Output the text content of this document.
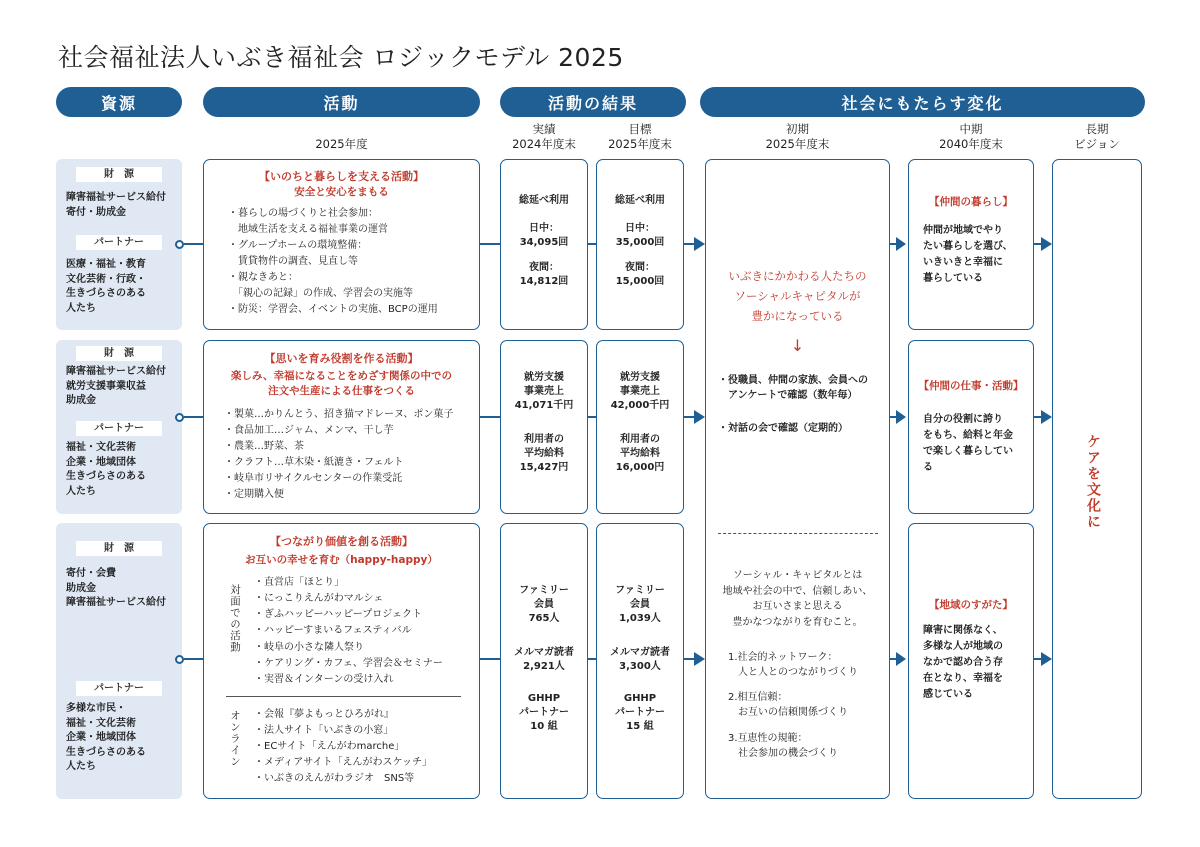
社会福祉法人いぶき福祉会 ロジックモデル 2025
資源	活動	活動の結果	社会にもたらす変化
2025年度
実績
2024年度末
目標
2025年度末
初期
2025年度末
中期
2040年度末
長期
ビジョン
財　源
障害福祉サービス給付
寄付・助成金
パートナー
医療・福祉・教育
文化芸術・行政・
生きづらさのある
人たち
財　源
障害福祉サービス給付
就労支援事業収益
助成金
パートナー
福祉・文化芸術
企業・地域団体
生きづらさのある
人たち
財　源
寄付・会費
助成金
障害福祉サービス給付
パートナー
多様な市民・
福祉・文化芸術
企業・地域団体
生きづらさのある
人たち
【いのちと暮らしを支える活動】
安全と安心をまもる
・暮らしの場づくりと社会参加：
　地域生活を支える福祉事業の運営
・グループホームの環境整備：
　賃貸物件の調査、見直し等
・親なきあと：
　「親心の記録」の作成、学習会の実施等
・防災：学習会、イベントの実施、BCPの運用
【思いを育み役割を作る活動】
楽しみ、幸福になることをめざす関係の中での
注文や生産による仕事をつくる
・製菓…かりんとう、招き猫マドレーヌ、ポン菓子
・食品加工…ジャム、メンマ、干し芋
・農業…野菜、茶
・クラフト…草木染・紙漉き・フェルト
・岐阜市リサイクルセンターの作業受託
・定期購入便
【つながり価値を創る活動】
お互いの幸せを育む（happy-happy）
対面での活動
・直営店「ほとり」
・にっこりえんがわマルシェ
・ぎふハッピーハッピープロジェクト
・ハッピーすまいるフェスティバル
・岐阜の小さな隣人祭り
・ケアリング・カフェ、学習会＆セミナー
・実習＆インターンの受け入れ
オンライン ・会報『夢よもっとひろがれ』
・法人サイト「いぶきの小窓」
・ECサイト「えんがわmarche」
・メディアサイト「えんがわスケッチ」
・いぶきのえんがわラジオ　SNS等
総延べ利用
日中：
34,095回
夜間：
14,812回
就労支援
事業売上
41,071千円
利用者の
平均給料
15,427円
ファミリー
会員
765人
メルマガ読者
2,921人
GHHP
パートナー
10 組
総延べ利用
日中：
35,000回
夜間：
15,000回
就労支援
事業売上
42,000千円
利用者の
平均給料
16,000円
ファミリー
会員
1,039人
メルマガ読者
3,300人
GHHP
パートナー
15 組
いぶきにかかわる人たちの
ソーシャルキャピタルが
豊かになっている
↓
・役職員、仲間の家族、会員への
　アンケートで確認（数年毎）
・対話の会で確認（定期的）
ソーシャル・キャピタルとは
地域や社会の中で、信頼しあい、
お互いさまと思える
豊かなつながりを育むこと。
1.社会的ネットワーク：
　人と人とのつながりづくり
2.相互信頼：
　お互いの信頼関係づくり
3.互恵性の規範：
　社会参加の機会づくり
【仲間の暮らし】
仲間が地域でやり
たい暮らしを選び、
いきいきと幸福に
暮らしている
【仲間の仕事・活動】
自分の役割に誇り
をもち、給料と年金
で楽しく暮らしてい
る
【地域のすがた】
障害に関係なく、
多様な人が地域の
なかで認め合う存
在となり、幸福を
感じている
ケアを文化に
